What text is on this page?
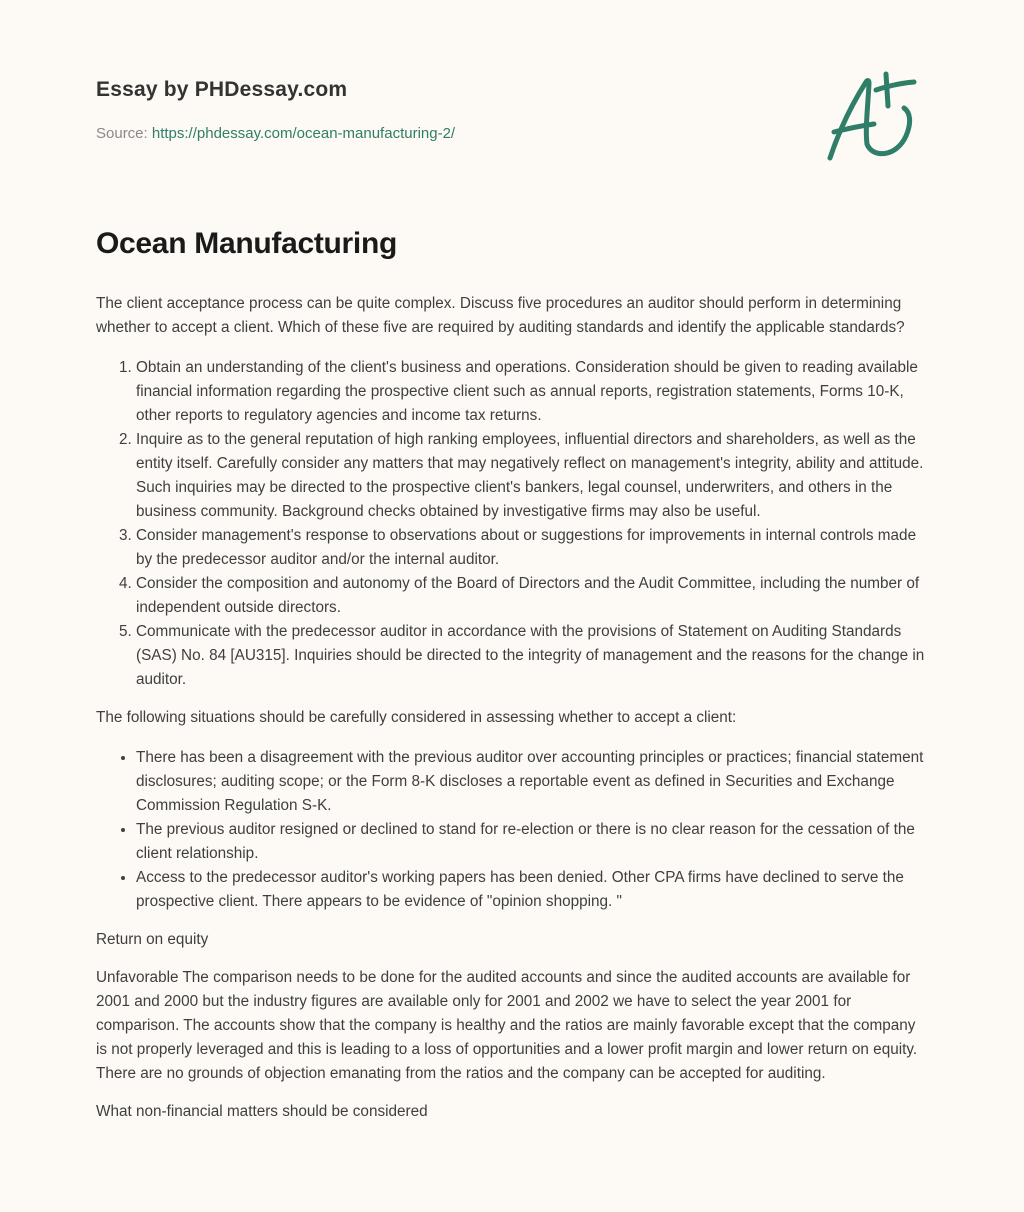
Essay by PHDessay.com
Source: https://phdessay.com/ocean-manufacturing-2/
Ocean Manufacturing

The client acceptance process can be quite complex. Discuss five procedures an auditor should perform in determining whether to accept a client. Which of these five are required by auditing standards and identify the applicable standards?

1. Obtain an understanding of the client's business and operations. Consideration should be given to reading available financial information regarding the prospective client such as annual reports, registration statements, Forms 10-K, other reports to regulatory agencies and income tax returns.
2. Inquire as to the general reputation of high ranking employees, influential directors and shareholders, as well as the entity itself. Carefully consider any matters that may negatively reflect on management's integrity, ability and attitude. Such inquiries may be directed to the prospective client's bankers, legal counsel, underwriters, and others in the business community. Background checks obtained by investigative firms may also be useful.
3. Consider management's response to observations about or suggestions for improvements in internal controls made by the predecessor auditor and/or the internal auditor.
4. Consider the composition and autonomy of the Board of Directors and the Audit Committee, including the number of independent outside directors.
5. Communicate with the predecessor auditor in accordance with the provisions of Statement on Auditing Standards (SAS) No. 84 [AU315]. Inquiries should be directed to the integrity of management and the reasons for the change in auditor.

The following situations should be carefully considered in assessing whether to accept a client:

• There has been a disagreement with the previous auditor over accounting principles or practices; financial statement disclosures; auditing scope; or the Form 8-K discloses a reportable event as defined in Securities and Exchange Commission Regulation S-K.
• The previous auditor resigned or declined to stand for re-election or there is no clear reason for the cessation of the client relationship.
• Access to the predecessor auditor's working papers has been denied. Other CPA firms have declined to serve the prospective client. There appears to be evidence of "opinion shopping. "

Return on equity

Unfavorable The comparison needs to be done for the audited accounts and since the audited accounts are available for 2001 and 2000 but the industry figures are available only for 2001 and 2002 we have to select the year 2001 for comparison. The accounts show that the company is healthy and the ratios are mainly favorable except that the company is not properly leveraged and this is leading to a loss of opportunities and a lower profit margin and lower return on equity. There are no grounds of objection emanating from the ratios and the company can be accepted for auditing.

What non-financial matters should be considered
